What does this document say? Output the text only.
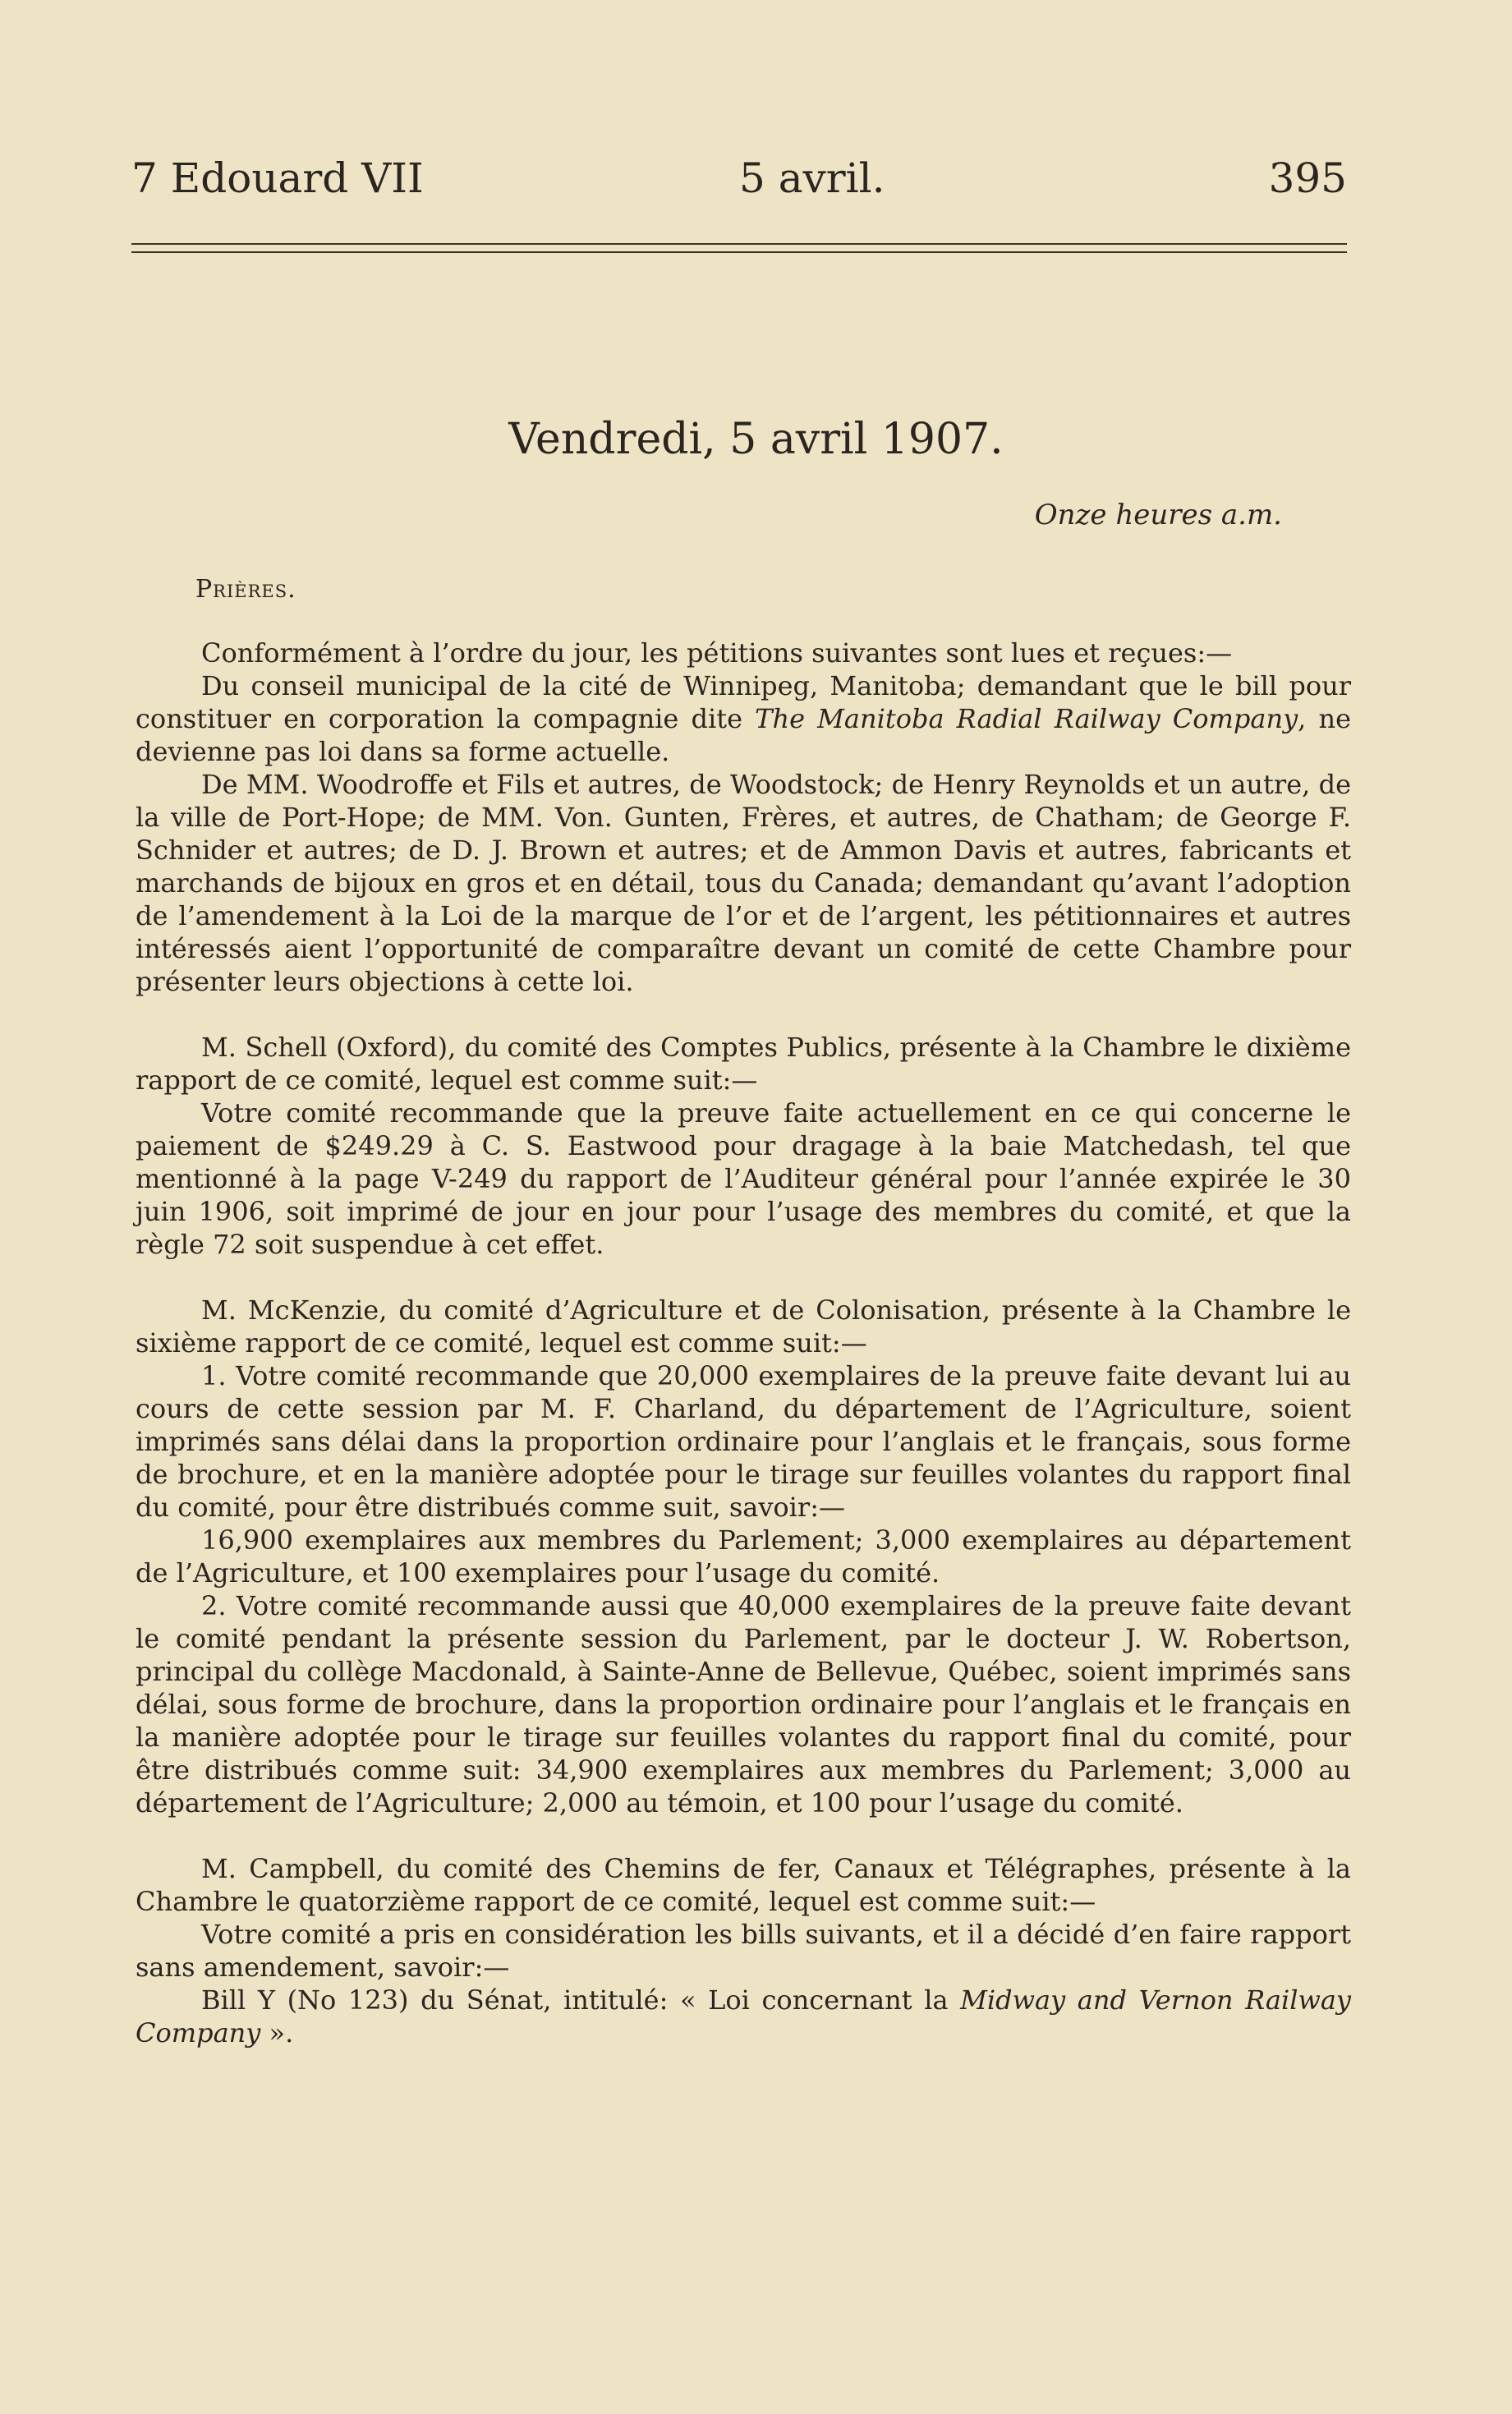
7 Edouard VII	5 avril.	395
Vendredi, 5 avril 1907.
Onze heures a.m.
Prières.

Conformément à l’ordre du jour, les pétitions suivantes sont lues et reçues:—

Du conseil municipal de la cité de Winnipeg, Manitoba; demandant que le bill pour constituer en corporation la compagnie dite The Manitoba Radial Railway Company, ne devienne pas loi dans sa forme actuelle.

De MM. Woodroffe et Fils et autres, de Woodstock; de Henry Reynolds et un autre, de la ville de Port-Hope; de MM. Von. Gunten, Frères, et autres, de Chatham; de George F. Schnider et autres; de D. J. Brown et autres; et de Ammon Davis et autres, fabricants et marchands de bijoux en gros et en détail, tous du Canada; demandant qu’avant l’adoption de l’amendement à la Loi de la marque de l’or et de l’argent, les pétitionnaires et autres intéressés aient l’opportunité de comparaître devant un comité de cette Chambre pour présenter leurs objections à cette loi.

M. Schell (Oxford), du comité des Comptes Publics, présente à la Chambre le dixième rapport de ce comité, lequel est comme suit:—

Votre comité recommande que la preuve faite actuellement en ce qui concerne le paiement de $249.29 à C. S. Eastwood pour dragage à la baie Matchedash, tel que mentionné à la page V-249 du rapport de l’Auditeur général pour l’année expirée le 30 juin 1906, soit imprimé de jour en jour pour l’usage des membres du comité, et que la règle 72 soit suspendue à cet effet.

M. McKenzie, du comité d’Agriculture et de Colonisation, présente à la Chambre le sixième rapport de ce comité, lequel est comme suit:—

1. Votre comité recommande que 20,000 exemplaires de la preuve faite devant lui au cours de cette session par M. F. Charland, du département de l’Agriculture, soient imprimés sans délai dans la proportion ordinaire pour l’anglais et le français, sous forme de brochure, et en la manière adoptée pour le tirage sur feuilles volantes du rapport final du comité, pour être distribués comme suit, savoir:—

16,900 exemplaires aux membres du Parlement; 3,000 exemplaires au département de l’Agriculture, et 100 exemplaires pour l’usage du comité.

2. Votre comité recommande aussi que 40,000 exemplaires de la preuve faite devant le comité pendant la présente session du Parlement, par le docteur J. W. Robertson, principal du collège Macdonald, à Sainte-Anne de Bellevue, Québec, soient imprimés sans délai, sous forme de brochure, dans la proportion ordinaire pour l’anglais et le français en la manière adoptée pour le tirage sur feuilles volantes du rapport final du comité, pour être distribués comme suit: 34,900 exemplaires aux membres du Parlement; 3,000 au département de l’Agriculture; 2,000 au témoin, et 100 pour l’usage du comité.

M. Campbell, du comité des Chemins de fer, Canaux et Télégraphes, présente à la Chambre le quatorzième rapport de ce comité, lequel est comme suit:—

Votre comité a pris en considération les bills suivants, et il a décidé d’en faire rapport sans amendement, savoir:—

Bill Y (No 123) du Sénat, intitulé: « Loi concernant la Midway and Vernon Railway Company ».
